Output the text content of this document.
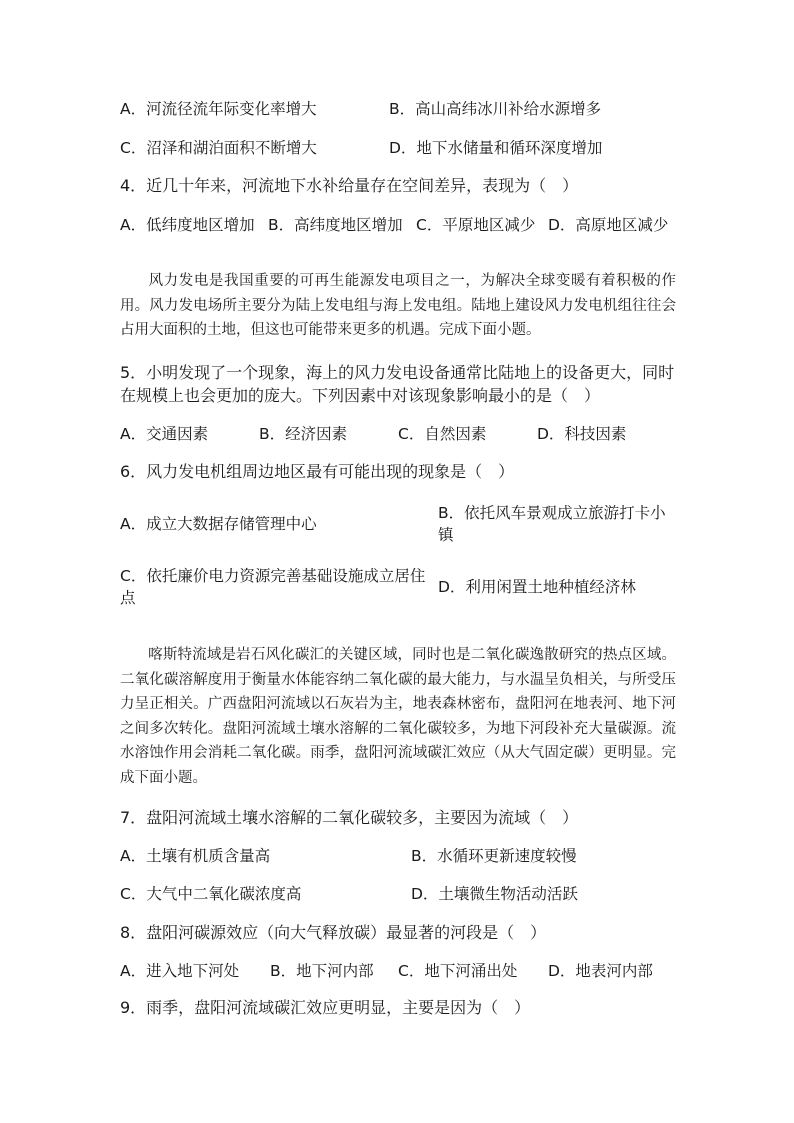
A．河流径流年际变化率增大	B．高山高纬冰川补给水源增多
C．沼泽和湖泊面积不断增大	D．地下水储量和循环深度增加
4．近几十年来，河流地下水补给量存在空间差异，表现为（　）
A．低纬度地区增加 B．高纬度地区增加 C．平原地区减少 D．高原地区减少
风力发电是我国重要的可再生能源发电项目之一，为解决全球变暖有着积极的作用。风力发电场所主要分为陆上发电组与海上发电组。陆地上建设风力发电机组往往会占用大面积的土地，但这也可能带来更多的机遇。完成下面小题。
5．小明发现了一个现象，海上的风力发电设备通常比陆地上的设备更大，同时
在规模上也会更加的庞大。下列因素中对该现象影响最小的是（　）
A．交通因素	B．经济因素	C．自然因素	D．科技因素
6．风力发电机组周边地区最有可能出现的现象是（　）
A．成立大数据存储管理中心
B．依托风车景观成立旅游打卡小镇
C．依托廉价电力资源完善基础设施成立居住点
D．利用闲置土地种植经济林
喀斯特流域是岩石风化碳汇的关键区域，同时也是二氧化碳逸散研究的热点区域。二氧化碳溶解度用于衡量水体能容纳二氧化碳的最大能力，与水温呈负相关，与所受压力呈正相关。广西盘阳河流域以石灰岩为主，地表森林密布，盘阳河在地表河、地下河之间多次转化。盘阳河流域土壤水溶解的二氧化碳较多，为地下河段补充大量碳源。流水溶蚀作用会消耗二氧化碳。雨季，盘阳河流域碳汇效应（从大气固定碳）更明显。完成下面小题。
7．盘阳河流域土壤水溶解的二氧化碳较多，主要因为流域（　）
A．土壤有机质含量高	B．水循环更新速度较慢
C．大气中二氧化碳浓度高	D．土壤微生物活动活跃
8．盘阳河碳源效应（向大气释放碳）最显著的河段是（　）
A．进入地下河处 B．地下河内部 C．地下河涌出处 D．地表河内部
9．雨季，盘阳河流域碳汇效应更明显，主要是因为（　）
